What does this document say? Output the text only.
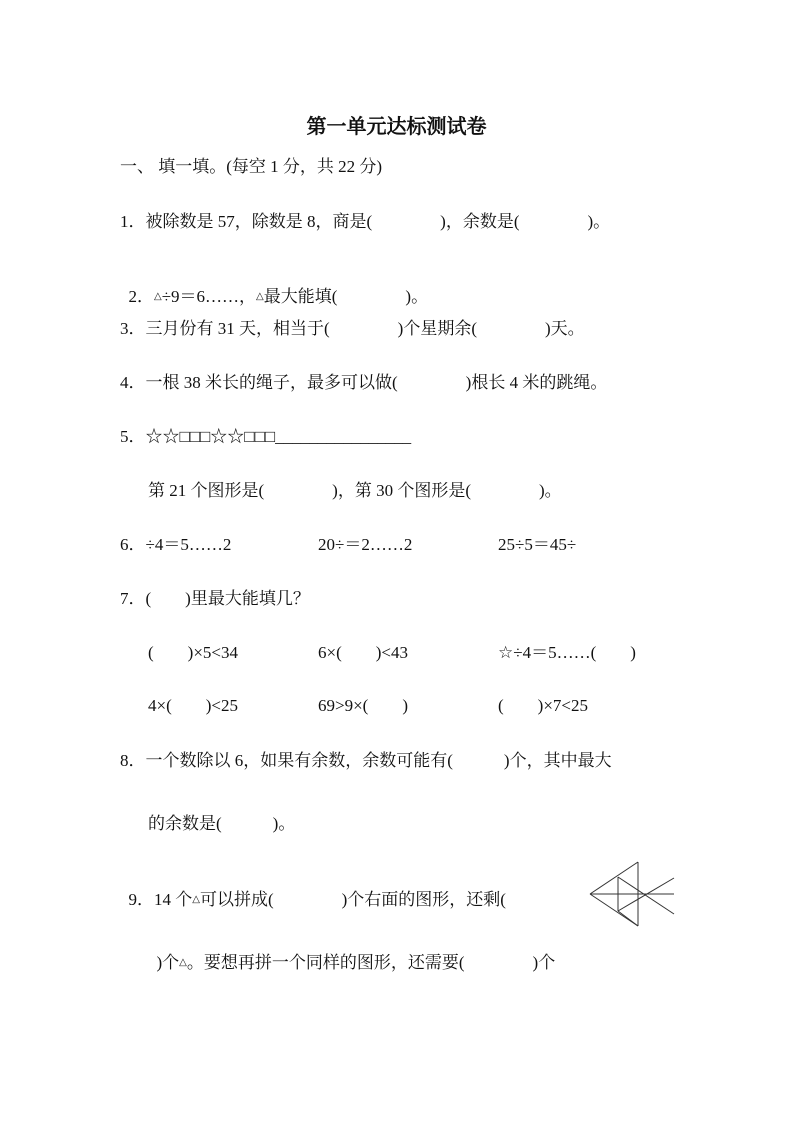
第一单元达标测试卷
一、 填一填。(每空 1 分，共 22 分)
1．被除数是 57，除数是 8，商是(　　　　)，余数是(　　　　)。

2．△÷9＝6……，△最大能填(　　　　)。

3．三月份有 31 天，相当于(　　　　)个星期余(　　　　)天。
4．一根 38 米长的绳子，最多可以做(　　　　)根长 4 米的跳绳。
5．☆☆□□□☆☆□□□________________
第 21 个图形是(　　　　)，第 30 个图形是(　　　　)。
6．÷4＝5……2	20÷＝2……2	25÷5＝45÷
7．(　　)里最大能填几？
(　　)×5<34	6×(　　)<43	☆÷4＝5……(　　)
4×(　　)<25	69>9×(　　)	(　　)×7<25
8．一个数除以 6，如果有余数，余数可能有(　　　)个，其中最大
的余数是(　　　)。

9．14 个△可以拼成(　　　　)个右面的图形，还剩(

)个△。要想再拼一个同样的图形，还需要(　　　　)个
